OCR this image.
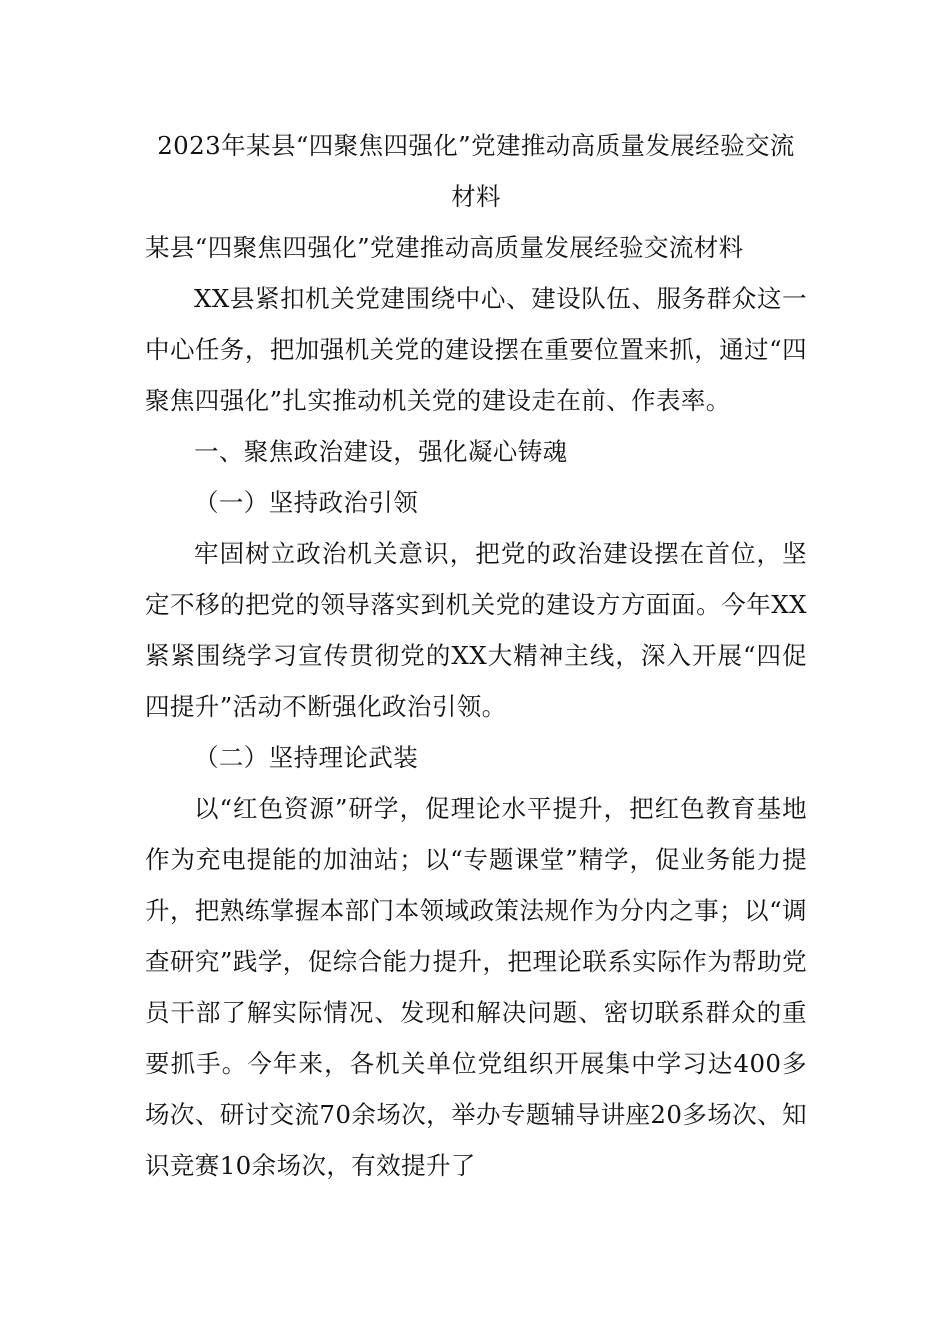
2023年某县“四聚焦四强化”党建推动高质量发展经验交流材料
某县“四聚焦四强化”党建推动高质量发展经验交流材料

XX县紧扣机关党建围绕中心、建设队伍、服务群众这一中心任务，把加强机关党的建设摆在重要位置来抓，通过“四聚焦四强化”扎实推动机关党的建设走在前、作表率。

一、聚焦政治建设，强化凝心铸魂

（一）坚持政治引领

牢固树立政治机关意识，把党的政治建设摆在首位，坚定不移的把党的领导落实到机关党的建设方方面面。今年XX紧紧围绕学习宣传贯彻党的XX大精神主线，深入开展“四促四提升”活动不断强化政治引领。

（二）坚持理论武装

以“红色资源”研学，促理论水平提升，把红色教育基地作为充电提能的加油站；以“专题课堂”精学，促业务能力提升，把熟练掌握本部门本领域政策法规作为分内之事；以“调查研究”践学，促综合能力提升，把理论联系实际作为帮助党员干部了解实际情况、发现和解决问题、密切联系群众的重要抓手。今年来，各机关单位党组织开展集中学习达400多场次、研讨交流70余场次，举办专题辅导讲座20多场次、知识竞赛10余场次，有效提升了
